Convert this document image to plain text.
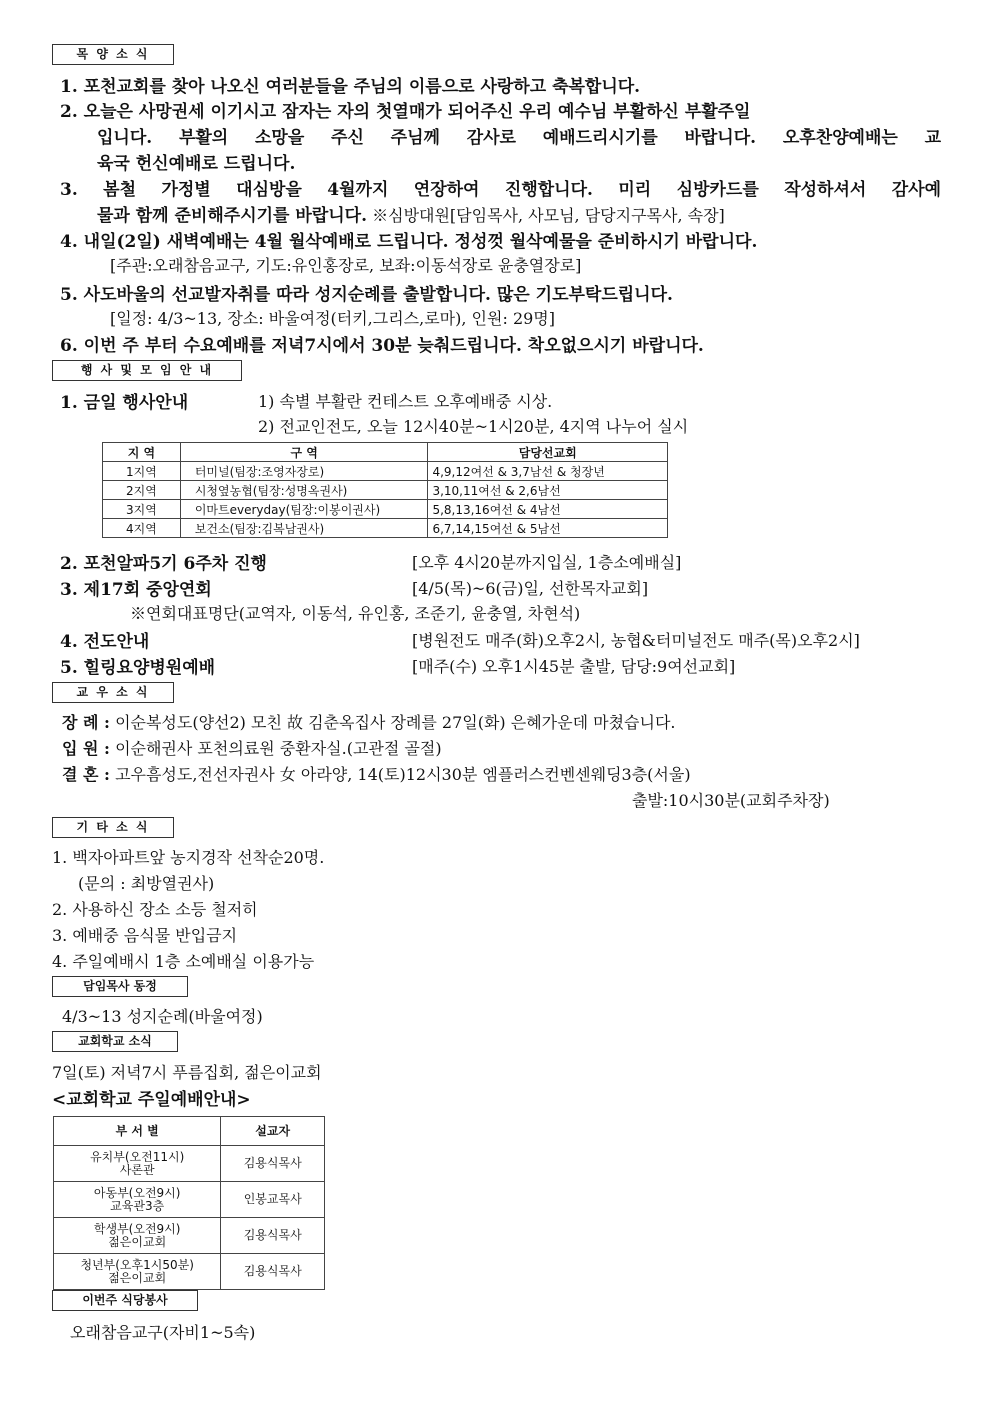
목 양 소 식
1. 포천교회를 찾아 나오신 여러분들을 주님의 이름으로 사랑하고 축복합니다.
2. 오늘은 사망권세 이기시고 잠자는 자의 첫열매가 되어주신 우리 예수님 부활하신 부활주일
입니다. 부활의 소망을 주신 주님께 감사로 예배드리시기를 바랍니다. 오후찬양예배는 교
육국 헌신예배로 드립니다.
3. 봄철 가정별 대심방을 4월까지 연장하여 진행합니다. 미리 심방카드를 작성하셔서 감사예
물과 함께 준비해주시기를 바랍니다. ※심방대원[담임목사, 사모님, 담당지구목사, 속장]
4. 내일(2일) 새벽예배는 4월 월삭예배로 드립니다. 정성껏 월삭예물을 준비하시기 바랍니다.
[주관:오래참음교구, 기도:유인홍장로, 보좌:이동석장로 윤충열장로]
5. 사도바울의 선교발자취를 따라 성지순례를 출발합니다. 많은 기도부탁드립니다.
[일정: 4/3~13, 장소: 바울여정(터키,그리스,로마), 인원: 29명]
6. 이번 주 부터 수요예배를 저녁7시에서 30분 늦춰드립니다. 착오없으시기 바랍니다.
행 사 및 모 임 안 내
1. 금일 행사안내	1) 속별 부활란 컨테스트 오후예배중 시상.
2) 전교인전도, 오늘 12시40분~1시20분, 4지역 나누어 실시
지 역	구 역	담당선교회
1지역	터미널(팀장:조영자장로)	4,9,12여선 & 3,7남선 & 청장년
2지역	시청옆농협(팀장:성명옥권사)	3,10,11여선 & 2,6남선
3지역	이마트everyday(팀장:이봉이권사)	5,8,13,16여선 & 4남선
4지역	보건소(팀장:김복남권사)	6,7,14,15여선 & 5남선
2. 포천알파5기 6주차 진행	[오후 4시20분까지입실, 1층소예배실]
3. 제17회 중앙연회	[4/5(목)~6(금)일, 선한목자교회]
※연회대표명단(교역자, 이동석, 유인홍, 조준기, 윤충열, 차현석)
4. 전도안내	[병원전도 매주(화)오후2시, 농협&터미널전도 매주(목)오후2시]
5. 힐링요양병원예배	[매주(수) 오후1시45분 출발, 담당:9여선교회]
교 우 소 식
장 례 : 이순복성도(양선2) 모친 故 김춘옥집사 장례를 27일(화) 은혜가운데 마쳤습니다.
입 원 : 이순해권사 포천의료원 중환자실.(고관절 골절)
결 혼 : 고우흠성도,전선자권사 女 아라양, 14(토)12시30분 엠플러스컨벤센웨딩3층(서울)
출발:10시30분(교회주차장)
기 타 소 식
1. 백자아파트앞 농지경작 선착순20명.
(문의 : 최방열권사)
2. 사용하신 장소 소등 철저히
3. 예배중 음식물 반입금지
4. 주일예배시 1층 소예배실 이용가능
담임목사 동정
4/3~13 성지순례(바울여정)
교회학교 소식
7일(토) 저녁7시 푸름집회, 젊은이교회
<교회학교 주일예배안내>
부 서 별	설교자
유치부(오전11시)
사론관	김용식목사
아동부(오전9시)
교육관3층	인봉교목사
학생부(오전9시)
젊은이교회	김용식목사
청년부(오후1시50분)
젊은이교회	김용식목사
이번주 식당봉사
오래참음교구(자비1~5속)
